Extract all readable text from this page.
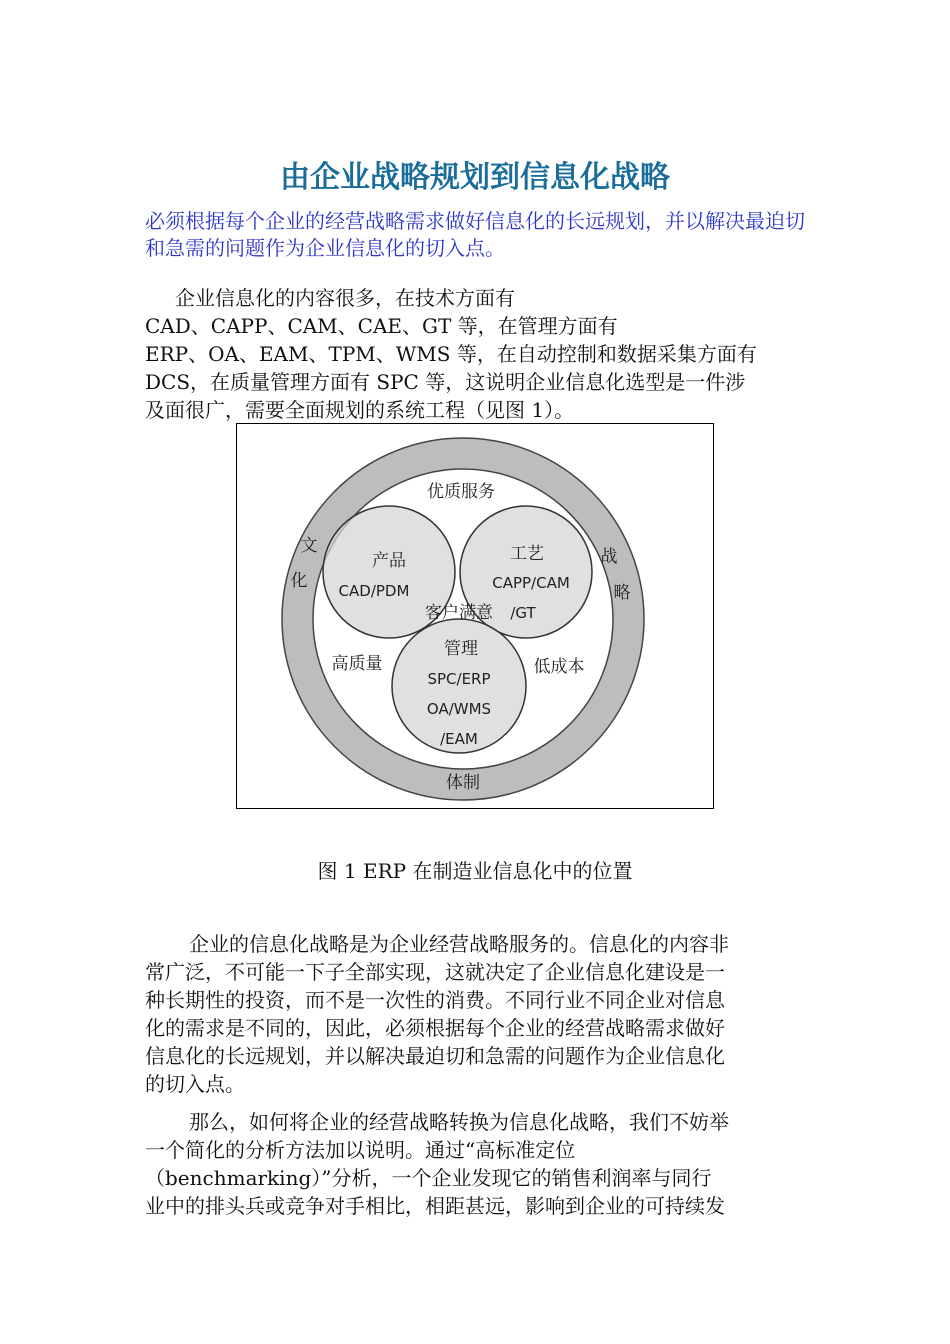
由企业战略规划到信息化战略
必须根据每个企业的经营战略需求做好信息化的长远规划，并以解决最迫切和急需的问题作为企业信息化的切入点。
企业信息化的内容很多，在技术方面有
CAD、CAPP、CAM、CAE、GT 等，在管理方面有
ERP、OA、EAM、TPM、WMS 等，在自动控制和数据采集方面有
DCS，在质量管理方面有 SPC 等，这说明企业信息化选型是一件涉
及面很广，需要全面规划的系统工程（见图 1）。
优质服务
文
化
战
略
体制
产品
CAD/PDM
工艺
CAPP/CAM
/GT
客户满意
管理
SPC/ERP
OA/WMS
/EAM
高质量	低成本
图 1 ERP 在制造业信息化中的位置
企业的信息化战略是为企业经营战略服务的。信息化的内容非
常广泛，不可能一下子全部实现，这就决定了企业信息化建设是一
种长期性的投资，而不是一次性的消费。不同行业不同企业对信息
化的需求是不同的，因此，必须根据每个企业的经营战略需求做好
信息化的长远规划，并以解决最迫切和急需的问题作为企业信息化
的切入点。
那么，如何将企业的经营战略转换为信息化战略，我们不妨举
一个简化的分析方法加以说明。通过“高标准定位
（benchmarking）”分析，一个企业发现它的销售利润率与同行
业中的排头兵或竞争对手相比，相距甚远，影响到企业的可持续发
